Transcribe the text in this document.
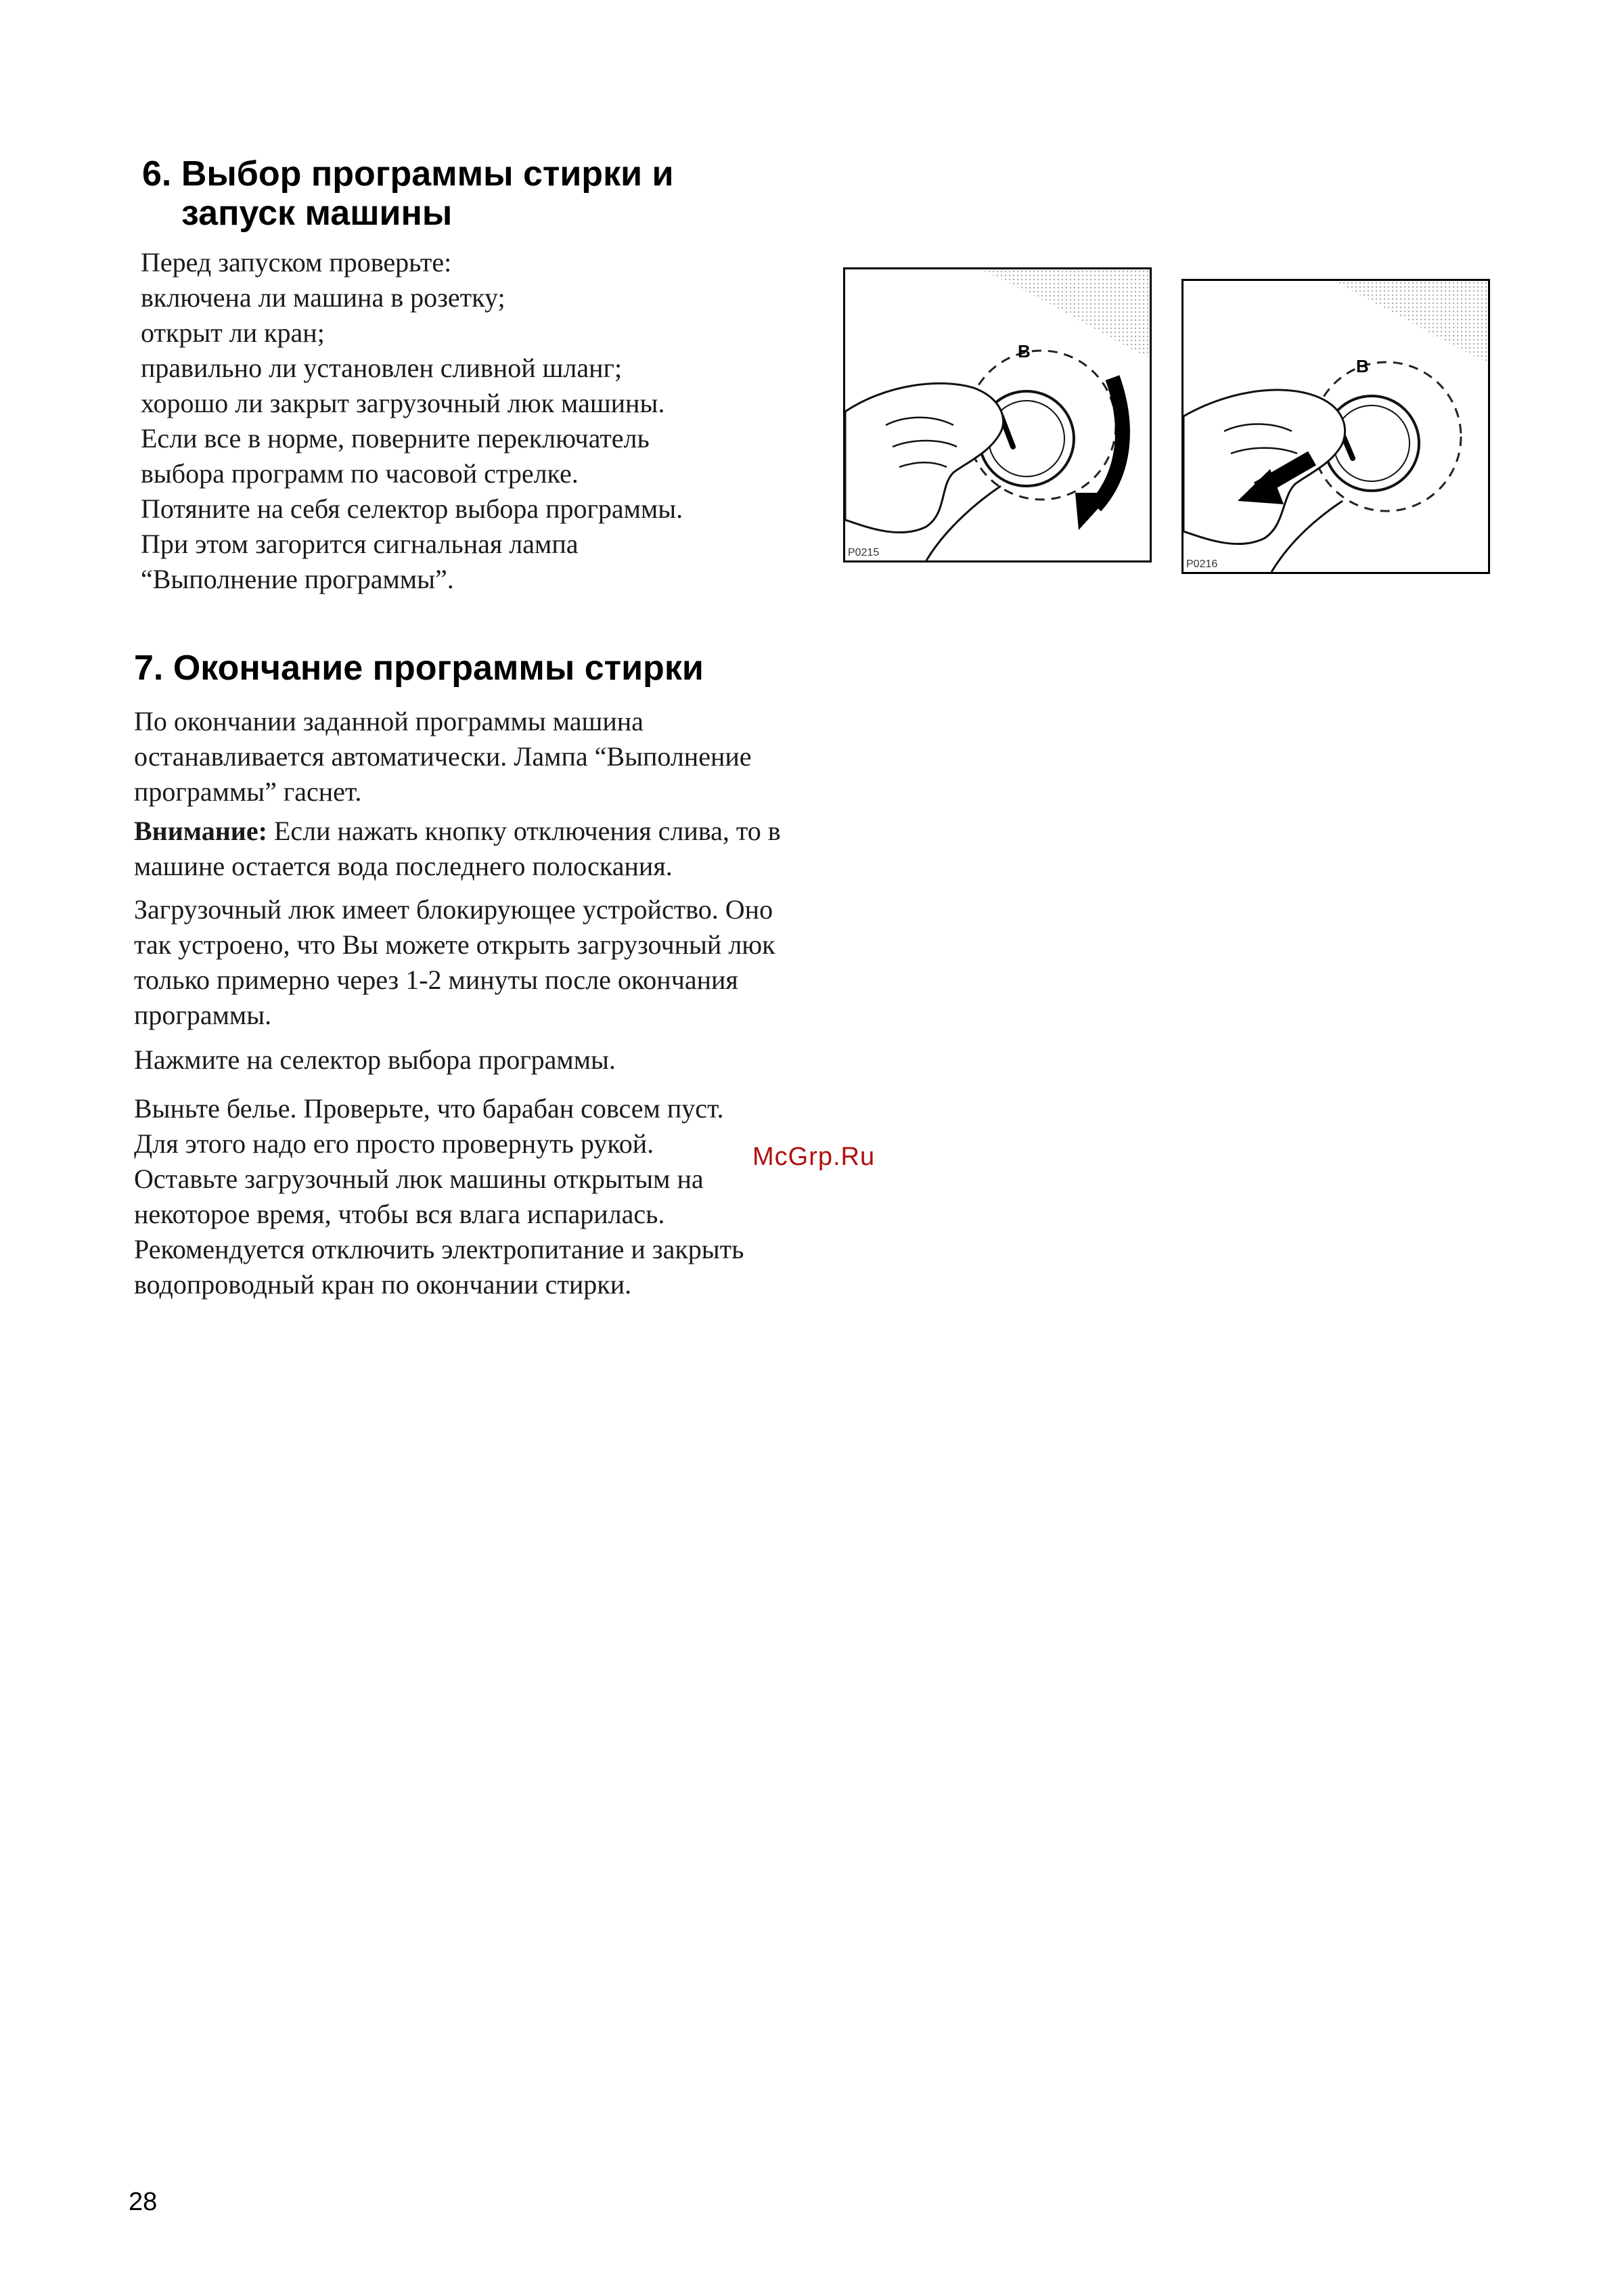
6. Выбор программы стирки и
запуск машины
Перед запуском проверьте:
включена ли машина в розетку;
открыт ли кран;
правильно ли установлен сливной шланг;
хорошо ли закрыт загрузочный люк машины.
Если все в норме, поверните переключатель
выбора программ по часовой стрелке.
Потяните на себя селектор выбора программы.
При этом загорится сигнальная лампа
“Выполнение программы”.
B
P0215
B
P0216
7. Окончание программы стирки

По окончании заданной программы машина останавливается автоматически. Лампа “Выполнение программы” гаснет.

Внимание: Если нажать кнопку отключения слива, то в машине остается вода последнего полоскания.

Загрузочный люк имеет блокирующее устройство. Оно так устроено, что Вы можете открыть загрузочный люк только примерно через 1-2 минуты после окончания программы.

Нажмите на селектор выбора программы.

Выньте белье. Проверьте, что барабан совсем пуст. Для этого надо его просто провернуть рукой. Оставьте загрузочный люк машины открытым на некоторое время, чтобы вся влага испарилась. Рекомендуется отключить электропитание и закрыть водопроводный кран по окончании стирки.

McGrp.Ru

28
